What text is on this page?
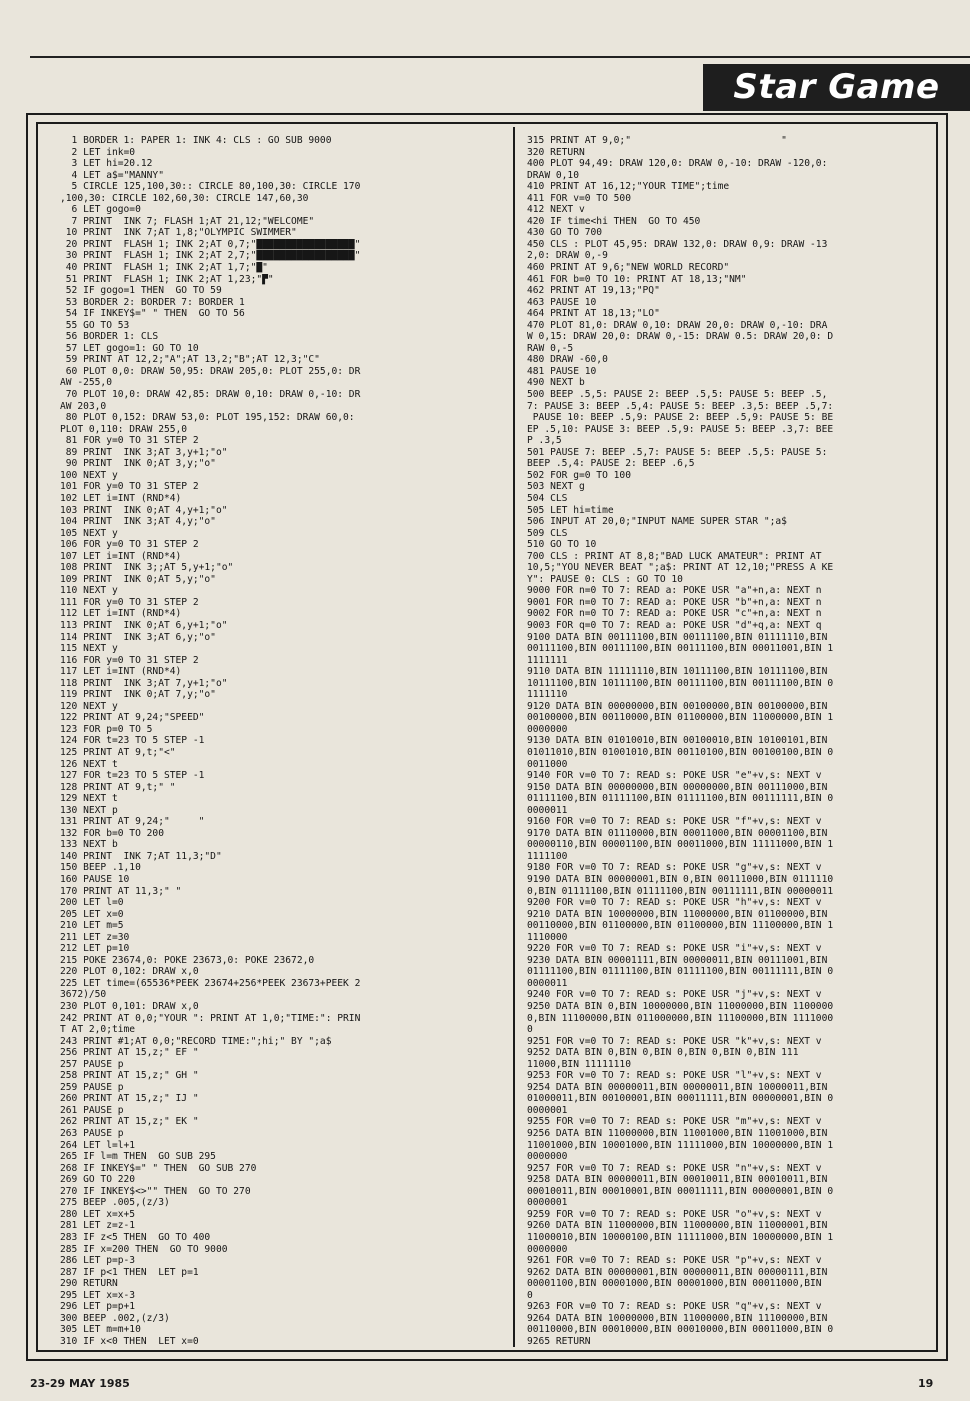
Star Game
1 BORDER 1: PAPER 1: INK 4: CLS : GO SUB 9000
2 LET ink=0
3 LET hi=20.12
4 LET a$="MANNY"
5 CIRCLE 125,100,30:: CIRCLE 80,100,30: CIRCLE 170
,100,30: CIRCLE 102,60,30: CIRCLE 147,60,30
6 LET gogo=0
7 PRINT  INK 7; FLASH 1;AT 21,12;"WELCOME"
10 PRINT  INK 7;AT 1,8;"OLYMPIC SWIMMER"
20 PRINT  FLASH 1; INK 2;AT 0,7;"█████████████████"
30 PRINT  FLASH 1; INK 2;AT 2,7;"█████████████████"
40 PRINT  FLASH 1; INK 2;AT 1,7;"█"
51 PRINT  FLASH 1; INK 2;AT 1,23;"▛"
52 IF gogo=1 THEN  GO TO 59
53 BORDER 2: BORDER 7: BORDER 1
54 IF INKEY$=" " THEN  GO TO 56
55 GO TO 53
56 BORDER 1: CLS
57 LET gogo=1: GO TO 10
59 PRINT AT 12,2;"A";AT 13,2;"B";AT 12,3;"C"
60 PLOT 0,0: DRAW 50,95: DRAW 205,0: PLOT 255,0: DR
AW -255,0
70 PLOT 10,0: DRAW 42,85: DRAW 0,10: DRAW 0,-10: DR
AW 203,0
80 PLOT 0,152: DRAW 53,0: PLOT 195,152: DRAW 60,0:
PLOT 0,110: DRAW 255,0
81 FOR y=0 TO 31 STEP 2
89 PRINT  INK 3;AT 3,y+1;"o"
90 PRINT  INK 0;AT 3,y;"o"
100 NEXT y
101 FOR y=0 TO 31 STEP 2
102 LET i=INT (RND*4)
103 PRINT  INK 0;AT 4,y+1;"o"
104 PRINT  INK 3;AT 4,y;"o"
105 NEXT y
106 FOR y=0 TO 31 STEP 2
107 LET i=INT (RND*4)
108 PRINT  INK 3;;AT 5,y+1;"o"
109 PRINT  INK 0;AT 5,y;"o"
110 NEXT y
111 FOR y=0 TO 31 STEP 2
112 LET i=INT (RND*4)
113 PRINT  INK 0;AT 6,y+1;"o"
114 PRINT  INK 3;AT 6,y;"o"
115 NEXT y
116 FOR y=0 TO 31 STEP 2
117 LET i=INT (RND*4)
118 PRINT  INK 3;AT 7,y+1;"o"
119 PRINT  INK 0;AT 7,y;"o"
120 NEXT y
122 PRINT AT 9,24;"SPEED"
123 FOR p=0 TO 5
124 FOR t=23 TO 5 STEP -1
125 PRINT AT 9,t;"<"
126 NEXT t
127 FOR t=23 TO 5 STEP -1
128 PRINT AT 9,t;" "
129 NEXT t
130 NEXT p
131 PRINT AT 9,24;"     "
132 FOR b=0 TO 200
133 NEXT b
140 PRINT  INK 7;AT 11,3;"D"
150 BEEP .1,10
160 PAUSE 10
170 PRINT AT 11,3;" "
200 LET l=0
205 LET x=0
210 LET m=5
211 LET z=30
212 LET p=10
215 POKE 23674,0: POKE 23673,0: POKE 23672,0
220 PLOT 0,102: DRAW x,0
225 LET time=(65536*PEEK 23674+256*PEEK 23673+PEEK 2
3672)/50
230 PLOT 0,101: DRAW x,0
242 PRINT AT 0,0;"YOUR ": PRINT AT 1,0;"TIME:": PRIN
T AT 2,0;time
243 PRINT #1;AT 0,0;"RECORD TIME:";hi;" BY ";a$
256 PRINT AT 15,z;" EF "
257 PAUSE p
258 PRINT AT 15,z;" GH "
259 PAUSE p
260 PRINT AT 15,z;" IJ "
261 PAUSE p
262 PRINT AT 15,z;" EK "
263 PAUSE p
264 LET l=l+1
265 IF l=m THEN  GO SUB 295
268 IF INKEY$=" " THEN  GO SUB 270
269 GO TO 220
270 IF INKEY$<>"" THEN  GO TO 270
275 BEEP .005,(z/3)
280 LET x=x+5
281 LET z=z-1
283 IF z<5 THEN  GO TO 400
285 IF x=200 THEN  GO TO 9000
286 LET p=p-3
287 IF p<1 THEN  LET p=1
290 RETURN
295 LET x=x-3
296 LET p=p+1
300 BEEP .002,(z/3)
305 LET m=m+10
310 IF x<0 THEN  LET x=0
315 PRINT AT 9,0;"                          "
320 RETURN
400 PLOT 94,49: DRAW 120,0: DRAW 0,-10: DRAW -120,0:
DRAW 0,10
410 PRINT AT 16,12;"YOUR TIME";time
411 FOR v=0 TO 500
412 NEXT v
420 IF time<hi THEN  GO TO 450
430 GO TO 700
450 CLS : PLOT 45,95: DRAW 132,0: DRAW 0,9: DRAW -13
2,0: DRAW 0,-9
460 PRINT AT 9,6;"NEW WORLD RECORD"
461 FOR b=0 TO 10: PRINT AT 18,13;"NM"
462 PRINT AT 19,13;"PQ"
463 PAUSE 10
464 PRINT AT 18,13;"LO"
470 PLOT 81,0: DRAW 0,10: DRAW 20,0: DRAW 0,-10: DRA
W 0,15: DRAW 20,0: DRAW 0,-15: DRAW 0.5: DRAW 20,0: D
RAW 0,-5
480 DRAW -60,0
481 PAUSE 10
490 NEXT b
500 BEEP .5,5: PAUSE 2: BEEP .5,5: PAUSE 5: BEEP .5,
7: PAUSE 3: BEEP .5,4: PAUSE 5: BEEP .3,5: BEEP .5,7:
PAUSE 10: BEEP .5,9: PAUSE 2: BEEP .5,9: PAUSE 5: BE
EP .5,10: PAUSE 3: BEEP .5,9: PAUSE 5: BEEP .3,7: BEE
P .3,5
501 PAUSE 7: BEEP .5,7: PAUSE 5: BEEP .5,5: PAUSE 5:
BEEP .5,4: PAUSE 2: BEEP .6,5
502 FOR g=0 TO 100
503 NEXT g
504 CLS
505 LET hi=time
506 INPUT AT 20,0;"INPUT NAME SUPER STAR ";a$
509 CLS
510 GO TO 10
700 CLS : PRINT AT 8,8;"BAD LUCK AMATEUR": PRINT AT
10,5;"YOU NEVER BEAT ";a$: PRINT AT 12,10;"PRESS A KE
Y": PAUSE 0: CLS : GO TO 10
9000 FOR n=0 TO 7: READ a: POKE USR "a"+n,a: NEXT n
9001 FOR n=0 TO 7: READ a: POKE USR "b"+n,a: NEXT n
9002 FOR n=0 TO 7: READ a: POKE USR "c"+n,a: NEXT n
9003 FOR q=0 TO 7: READ a: POKE USR "d"+q,a: NEXT q
9100 DATA BIN 00111100,BIN 00111100,BIN 01111110,BIN
00111100,BIN 00111100,BIN 00111100,BIN 00011001,BIN 1
1111111
9110 DATA BIN 11111110,BIN 10111100,BIN 10111100,BIN
10111100,BIN 10111100,BIN 00111100,BIN 00111100,BIN 0
1111110
9120 DATA BIN 00000000,BIN 00100000,BIN 00100000,BIN
00100000,BIN 00110000,BIN 01100000,BIN 11000000,BIN 1
0000000
9130 DATA BIN 01010010,BIN 00100010,BIN 10100101,BIN
01011010,BIN 01001010,BIN 00110100,BIN 00100100,BIN 0
0011000
9140 FOR v=0 TO 7: READ s: POKE USR "e"+v,s: NEXT v
9150 DATA BIN 00000000,BIN 00000000,BIN 00111000,BIN
01111100,BIN 01111100,BIN 01111100,BIN 00111111,BIN 0
0000011
9160 FOR v=0 TO 7: READ s: POKE USR "f"+v,s: NEXT v
9170 DATA BIN 01110000,BIN 00011000,BIN 00001100,BIN
00000110,BIN 00001100,BIN 00011000,BIN 11111000,BIN 1
1111100
9180 FOR v=0 TO 7: READ s: POKE USR "g"+v,s: NEXT v
9190 DATA BIN 00000001,BIN 0,BIN 00111000,BIN 0111110
0,BIN 01111100,BIN 01111100,BIN 00111111,BIN 00000011
9200 FOR v=0 TO 7: READ s: POKE USR "h"+v,s: NEXT v
9210 DATA BIN 10000000,BIN 11000000,BIN 01100000,BIN
00110000,BIN 01100000,BIN 01100000,BIN 11100000,BIN 1
1110000
9220 FOR v=0 TO 7: READ s: POKE USR "i"+v,s: NEXT v
9230 DATA BIN 00001111,BIN 00000011,BIN 00111001,BIN
01111100,BIN 01111100,BIN 01111100,BIN 00111111,BIN 0
0000011
9240 FOR v=0 TO 7: READ s: POKE USR "j"+v,s: NEXT v
9250 DATA BIN 0,BIN 10000000,BIN 11000000,BIN 1100000
0,BIN 11100000,BIN 011000000,BIN 11100000,BIN 1111000
0
9251 FOR v=0 TO 7: READ s: POKE USR "k"+v,s: NEXT v
9252 DATA BIN 0,BIN 0,BIN 0,BIN 0,BIN 0,BIN 111
11000,BIN 11111110
9253 FOR v=0 TO 7: READ s: POKE USR "l"+v,s: NEXT v
9254 DATA BIN 00000011,BIN 00000011,BIN 10000011,BIN
01000011,BIN 00100001,BIN 00011111,BIN 00000001,BIN 0
0000001
9255 FOR v=0 TO 7: READ s: POKE USR "m"+v,s: NEXT v
9256 DATA BIN 11000000,BIN 11001000,BIN 11001000,BIN
11001000,BIN 10001000,BIN 11111000,BIN 10000000,BIN 1
0000000
9257 FOR v=0 TO 7: READ s: POKE USR "n"+v,s: NEXT v
9258 DATA BIN 00000011,BIN 00010011,BIN 00010011,BIN
00010011,BIN 00010001,BIN 00011111,BIN 00000001,BIN 0
0000001
9259 FOR v=0 TO 7: READ s: POKE USR "o"+v,s: NEXT v
9260 DATA BIN 11000000,BIN 11000000,BIN 11000001,BIN
11000010,BIN 10000100,BIN 11111000,BIN 10000000,BIN 1
0000000
9261 FOR v=0 TO 7: READ s: POKE USR "p"+v,s: NEXT v
9262 DATA BIN 00000001,BIN 00000011,BIN 00000111,BIN
00001100,BIN 00001000,BIN 00001000,BIN 00011000,BIN
0
9263 FOR v=0 TO 7: READ s: POKE USR "q"+v,s: NEXT v
9264 DATA BIN 10000000,BIN 11000000,BIN 11100000,BIN
00110000,BIN 00010000,BIN 00010000,BIN 00011000,BIN 0
9265 RETURN
23-29 MAY 1985	19
